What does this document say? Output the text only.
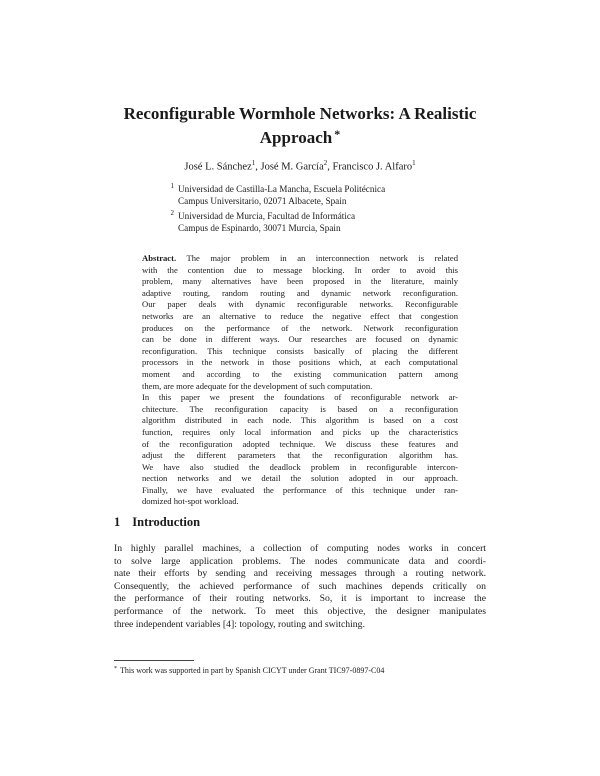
Reconfigurable Wormhole Networks: A Realistic
Approach *
José L. Sánchez$^1$, José M. García$^2$, Francisco J. Alfaro$^1$
$^1$ Universidad de Castilla-La Mancha, Escuela Politécnica
Campus Universitario, 02071 Albacete, Spain
$^2$ Universidad de Murcia, Facultad de Informática
Campus de Espinardo, 30071 Murcia, Spain
Abstract. The major problem in an interconnection network is related
with the contention due to message blocking. In order to avoid this
problem, many alternatives have been proposed in the literature, mainly
adaptive routing, random routing and dynamic network reconfiguration.
Our paper deals with dynamic reconfigurable networks. Reconfigurable
networks are an alternative to reduce the negative effect that congestion
produces on the performance of the network. Network reconfiguration
can be done in different ways. Our researches are focused on dynamic
reconfiguration. This technique consists basically of placing the different
processors in the network in those positions which, at each computational
moment and according to the existing communication pattern among
them, are more adequate for the development of such computation.
In this paper we present the foundations of reconfigurable network ar-
chitecture. The reconfiguration capacity is based on a reconfiguration
algorithm distributed in each node. This algorithm is based on a cost
function, requires only local information and picks up the characteristics
of the reconfiguration adopted technique. We discuss these features and
adjust the different parameters that the reconfiguration algorithm has.
We have also studied the deadlock problem in reconfigurable intercon-
nection networks and we detail the solution adopted in our approach.
Finally, we have evaluated the performance of this technique under ran-
domized hot-spot workload.
1 Introduction
In highly parallel machines, a collection of computing nodes works in concert
to solve large application problems. The nodes communicate data and coordi-
nate their efforts by sending and receiving messages through a routing network.
Consequently, the achieved performance of such machines depends critically on
the performance of their routing networks. So, it is important to increase the
performance of the network. To meet this objective, the designer manipulates
three independent variables [4]: topology, routing and switching.
* This work was supported in part by Spanish CICYT under Grant TIC97-0897-C04
